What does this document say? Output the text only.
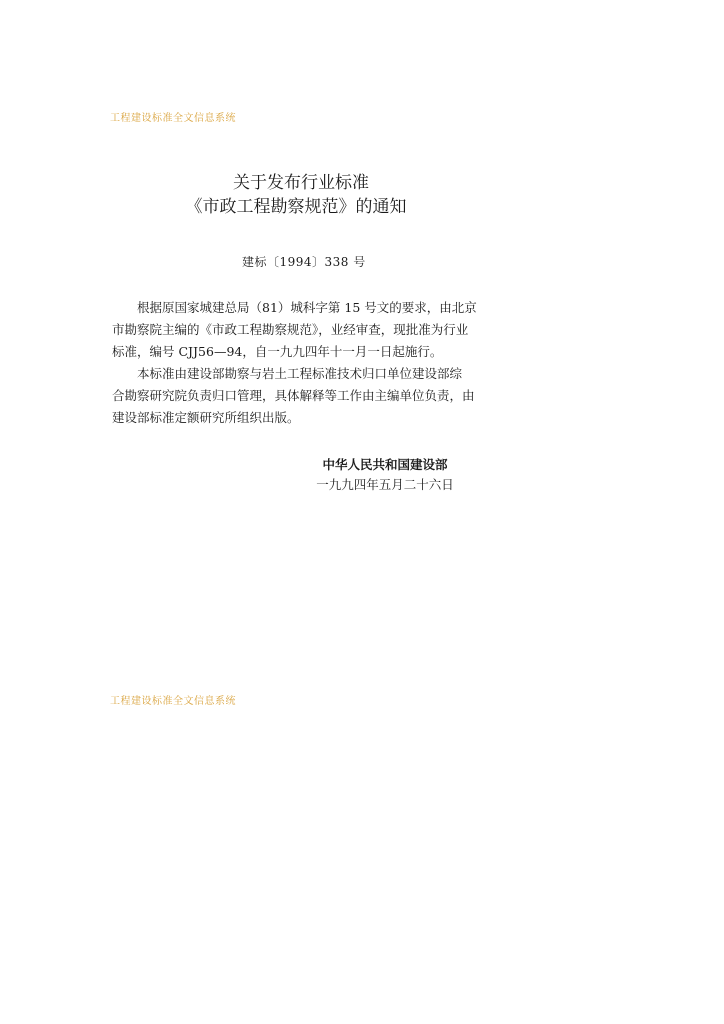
工程建设标准全文信息系统
关于发布行业标准
《市政工程勘察规范》的通知
建标〔1994〕338 号
根据原国家城建总局（81）城科字第 15 号文的要求，由北京
市勘察院主编的《市政工程勘察规范》，业经审查，现批准为行业
标准，编号 CJJ56—94，自一九九四年十一月一日起施行。
本标准由建设部勘察与岩土工程标准技术归口单位建设部综
合勘察研究院负责归口管理，具体解释等工作由主编单位负责，由
建设部标准定额研究所组织出版。
中华人民共和国建设部
一九九四年五月二十六日
工程建设标准全文信息系统
